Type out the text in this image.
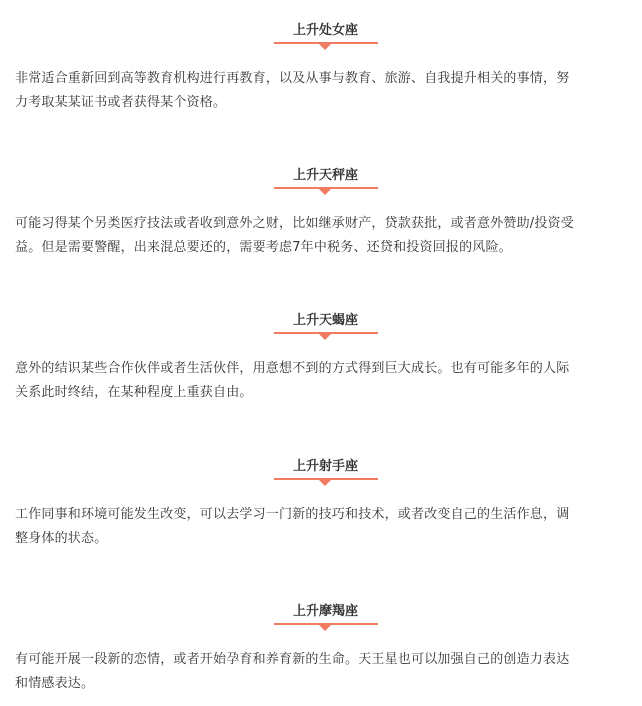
上升处女座

非常适合重新回到高等教育机构进行再教育，以及从事与教育、旅游、自我提升相关的事情，努
力考取某某证书或者获得某个资格。

上升天秤座

可能习得某个另类医疗技法或者收到意外之财，比如继承财产，贷款获批，或者意外赞助/投资受
益。但是需要警醒，出来混总要还的，需要考虑7年中税务、还贷和投资回报的风险。

上升天蝎座

意外的结识某些合作伙伴或者生活伙伴，用意想不到的方式得到巨大成长。也有可能多年的人际
关系此时终结，在某种程度上重获自由。

上升射手座

工作同事和环境可能发生改变，可以去学习一门新的技巧和技术，或者改变自己的生活作息，调
整身体的状态。

上升摩羯座

有可能开展一段新的恋情，或者开始孕育和养育新的生命。天王星也可以加强自己的创造力表达
和情感表达。
